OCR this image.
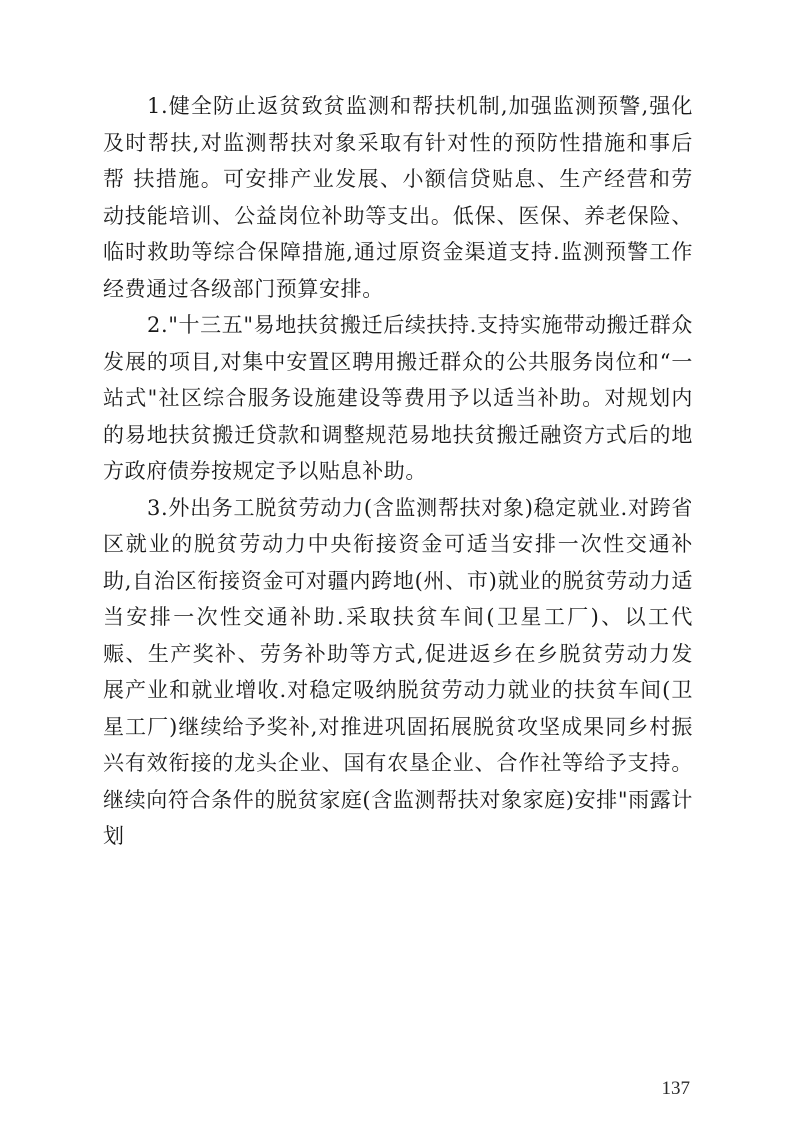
1.健全防止返贫致贫监测和帮扶机制,加强监测预警,强化及时帮扶,对监测帮扶对象采取有针对性的预防性措施和事后帮 扶措施。可安排产业发展、小额信贷贴息、生产经营和劳动技能培训、公益岗位补助等支出。低保、医保、养老保险、临时救助等综合保障措施,通过原资金渠道支持.监测预警工作经费通过各级部门预算安排。

2."十三五"易地扶贫搬迁后续扶持.支持实施带动搬迁群众发展的项目,对集中安置区聘用搬迁群众的公共服务岗位和“一站式"社区综合服务设施建设等费用予以适当补助。对规划内的易地扶贫搬迁贷款和调整规范易地扶贫搬迁融资方式后的地方政府债券按规定予以贴息补助。

3.外出务工脱贫劳动力(含监测帮扶对象)稳定就业.对跨省区就业的脱贫劳动力中央衔接资金可适当安排一次性交通补助,自治区衔接资金可对疆内跨地(州、市)就业的脱贫劳动力适当安排一次性交通补助.采取扶贫车间(卫星工厂)、以工代 赈、生产奖补、劳务补助等方式,促进返乡在乡脱贫劳动力发展产业和就业增收.对稳定吸纳脱贫劳动力就业的扶贫车间(卫星工厂)继续给予奖补,对推进巩固拓展脱贫攻坚成果同乡村振兴有效衔接的龙头企业、国有农垦企业、合作社等给予支持。继续向符合条件的脱贫家庭(含监测帮扶对象家庭)安排"雨露计划

137
